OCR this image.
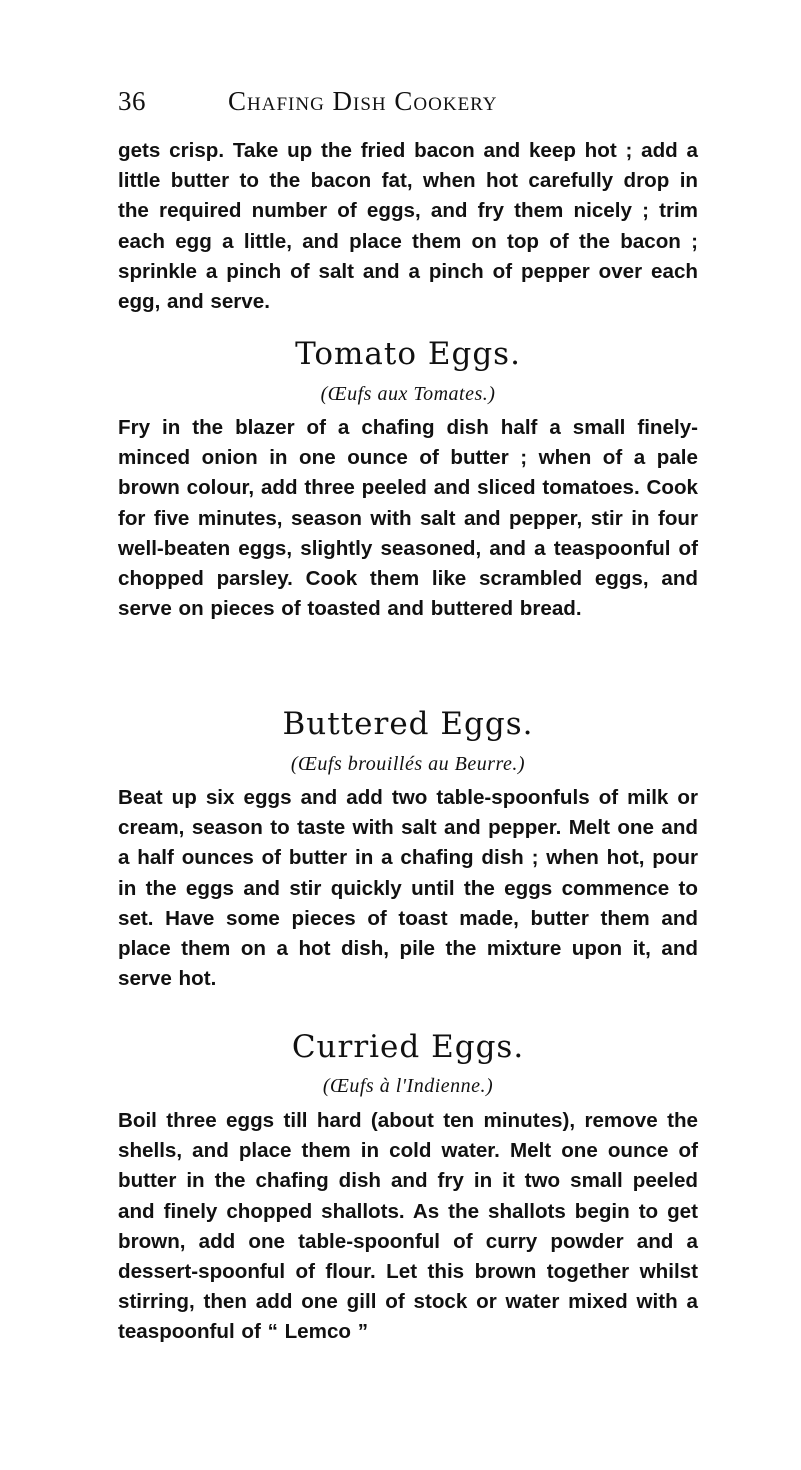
36	Chafing Dish Cookery

gets crisp. Take up the fried bacon and keep hot ; add a little butter to the bacon fat, when hot carefully drop in the required number of eggs, and fry them nicely ; trim each egg a little, and place them on top of the bacon ; sprinkle a pinch of salt and a pinch of pepper over each egg, and serve.

Tomato Eggs.
(Œufs aux Tomates.)

Fry in the blazer of a chafing dish half a small finely-minced onion in one ounce of butter ; when of a pale brown colour, add three peeled and sliced tomatoes. Cook for five minutes, season with salt and pepper, stir in four well-beaten eggs, slightly seasoned, and a teaspoonful of chopped parsley. Cook them like scrambled eggs, and serve on pieces of toasted and buttered bread.

Buttered Eggs.
(Œufs brouillés au Beurre.)

Beat up six eggs and add two table-spoonfuls of milk or cream, season to taste with salt and pepper. Melt one and a half ounces of butter in a chafing dish ; when hot, pour in the eggs and stir quickly until the eggs commence to set. Have some pieces of toast made, butter them and place them on a hot dish, pile the mixture upon it, and serve hot.

Curried Eggs.
(Œufs à l'Indienne.)

Boil three eggs till hard (about ten minutes), remove the shells, and place them in cold water. Melt one ounce of butter in the chafing dish and fry in it two small peeled and finely chopped shallots. As the shallots begin to get brown, add one table-spoonful of curry powder and a dessert-spoonful of flour. Let this brown together whilst stirring, then add one gill of stock or water mixed with a teaspoonful of “ Lemco ”
